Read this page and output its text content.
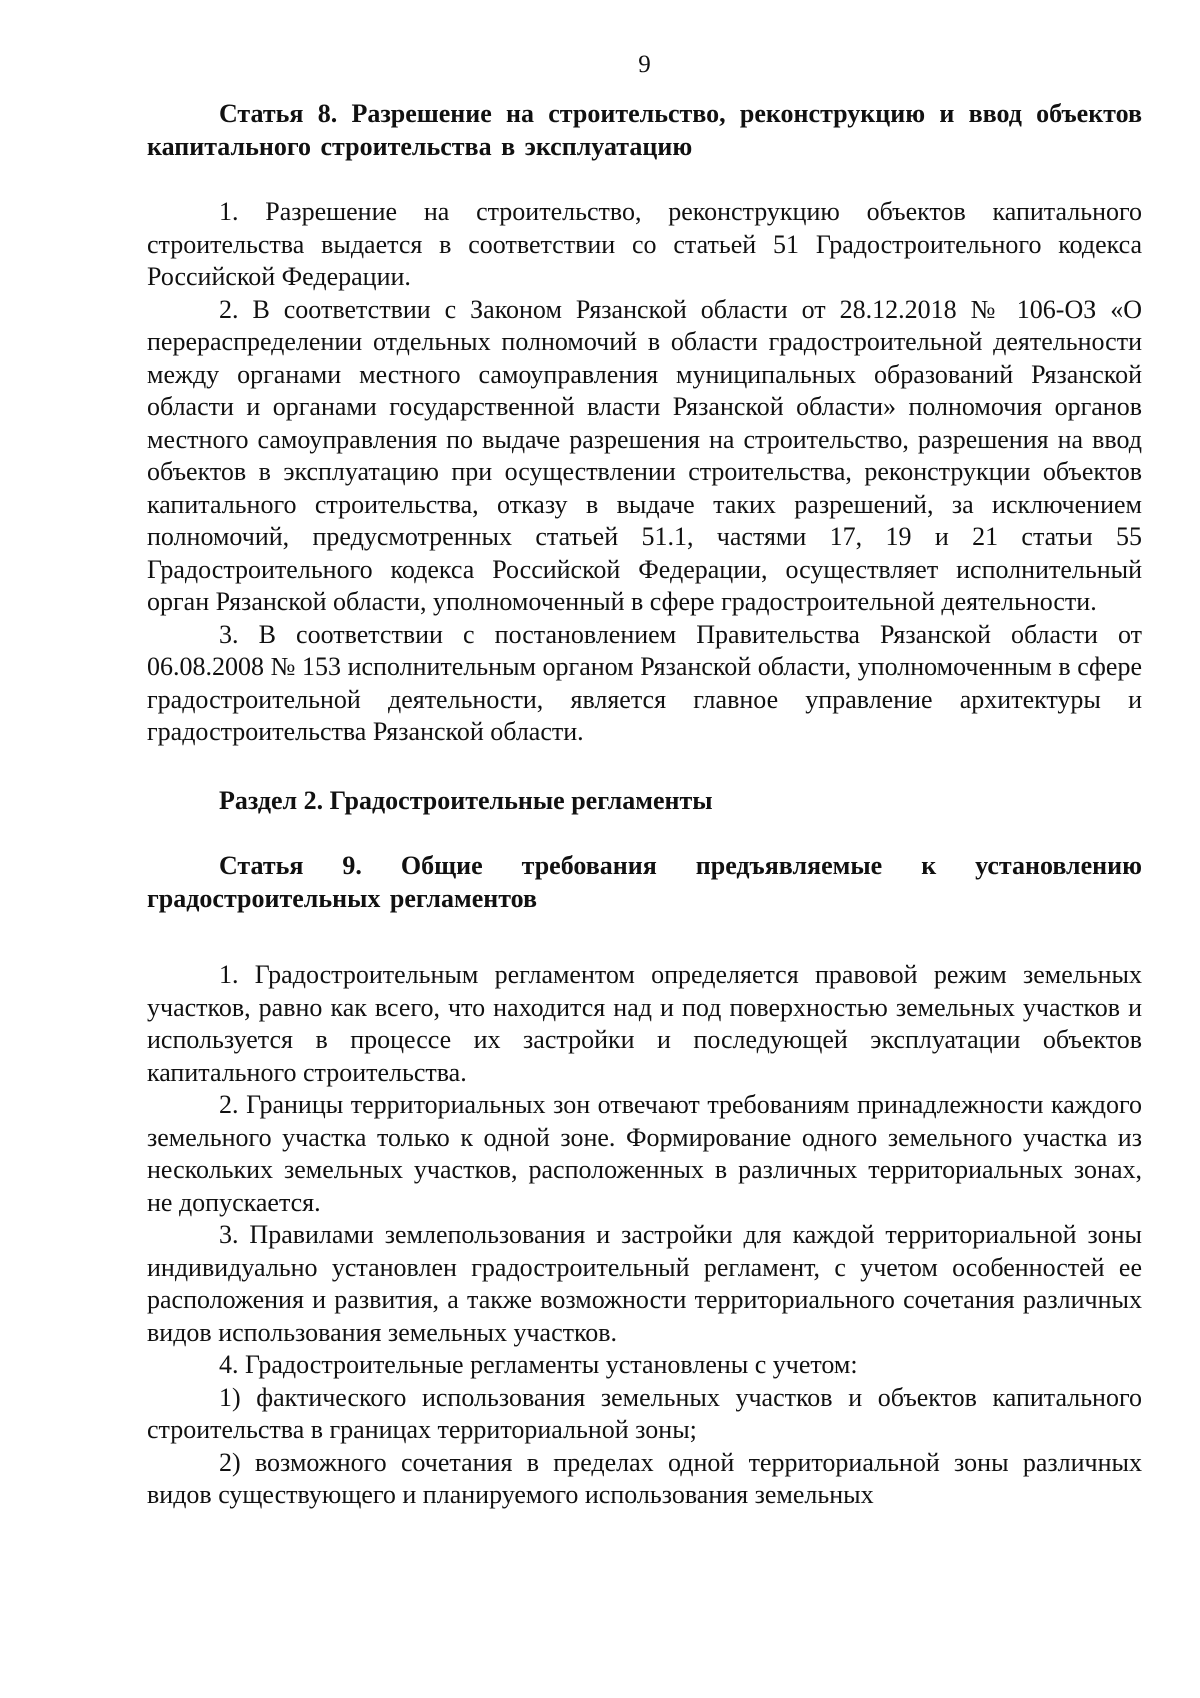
9

Статья 8. Разрешение на строительство, реконструкцию и ввод объектов капитального строительства в эксплуатацию

1. Разрешение на строительство, реконструкцию объектов капитального строительства выдается в соответствии со статьей 51 Градостроительного кодекса Российской Федерации.

2. В соответствии с Законом Рязанской области от 28.12.2018 № 106-ОЗ «О перераспределении отдельных полномочий в области градостроительной деятельности между органами местного самоуправления муниципальных образований Рязанской области и органами государственной власти Рязанской области» полномочия органов местного самоуправления по выдаче разрешения на строительство, разрешения на ввод объектов в эксплуатацию при осуществлении строительства, реконструкции объектов капитального строительства, отказу в выдаче таких разрешений, за исключением полномочий, предусмотренных статьей 51.1, частями 17, 19 и 21 статьи 55 Градостроительного кодекса Российской Федерации, осуществляет исполнительный орган Рязанской области, уполномоченный в сфере градостроительной деятельности.

3. В соответствии с постановлением Правительства Рязанской области от 06.08.2008 № 153 исполнительным органом Рязанской области, уполномоченным в сфере градостроительной деятельности, является главное управление архитектуры и градостроительства Рязанской области.

Раздел 2. Градостроительные регламенты

Статья 9. Общие требования предъявляемые к установлению градостроительных регламентов

1. Градостроительным регламентом определяется правовой режим земельных участков, равно как всего, что находится над и под поверхностью земельных участков и используется в процессе их застройки и последующей эксплуатации объектов капитального строительства.

2. Границы территориальных зон отвечают требованиям принадлежности каждого земельного участка только к одной зоне. Формирование одного земельного участка из нескольких земельных участков, расположенных в различных территориальных зонах, не допускается.

3. Правилами землепользования и застройки для каждой территориальной зоны индивидуально установлен градостроительный регламент, с учетом особенностей ее расположения и развития, а также возможности территориального сочетания различных видов использования земельных участков.

4. Градостроительные регламенты установлены с учетом:

1) фактического использования земельных участков и объектов капитального строительства в границах территориальной зоны;

2) возможного сочетания в пределах одной территориальной зоны различных видов существующего и планируемого использования земельных
